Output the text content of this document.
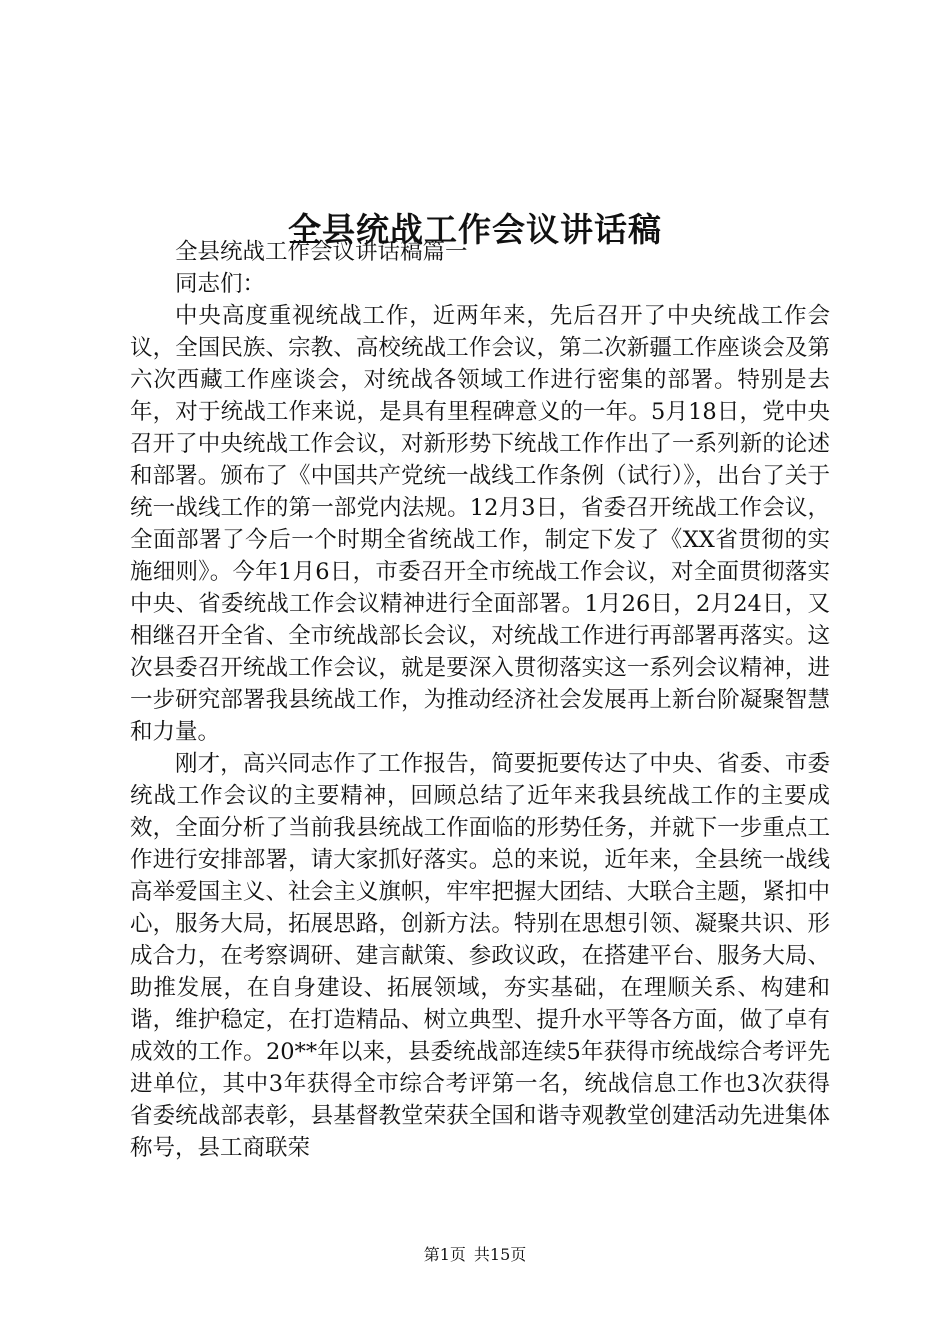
全县统战工作会议讲话稿

全县统战工作会议讲话稿篇一

同志们：

中央高度重视统战工作，近两年来，先后召开了中央统战工作会议，全国民族、宗教、高校统战工作会议，第二次新疆工作座谈会及第六次西藏工作座谈会，对统战各领域工作进行密集的部署。特别是去年，对于统战工作来说，是具有里程碑意义的一年。5月18日，党中央召开了中央统战工作会议，对新形势下统战工作作出了一系列新的论述和部署。颁布了《中国共产党统一战线工作条例（试行）》，出台了关于统一战线工作的第一部党内法规。12月3日，省委召开统战工作会议，全面部署了今后一个时期全省统战工作，制定下发了《XX省贯彻的实施细则》。今年1月6日，市委召开全市统战工作会议，对全面贯彻落实中央、省委统战工作会议精神进行全面部署。1月26日，2月24日，又相继召开全省、全市统战部长会议，对统战工作进行再部署再落实。这次县委召开统战工作会议，就是要深入贯彻落实这一系列会议精神，进一步研究部署我县统战工作，为推动经济社会发展再上新台阶凝聚智慧和力量。

刚才，高兴同志作了工作报告，简要扼要传达了中央、省委、市委统战工作会议的主要精神，回顾总结了近年来我县统战工作的主要成效，全面分析了当前我县统战工作面临的形势任务，并就下一步重点工作进行安排部署，请大家抓好落实。总的来说，近年来，全县统一战线高举爱国主义、社会主义旗帜，牢牢把握大团结、大联合主题，紧扣中心，服务大局，拓展思路，创新方法。特别在思想引领、凝聚共识、形成合力，在考察调研、建言献策、参政议政，在搭建平台、服务大局、助推发展，在自身建设、拓展领域，夯实基础，在理顺关系、构建和谐，维护稳定，在打造精品、树立典型、提升水平等各方面，做了卓有成效的工作。20**年以来，县委统战部连续5年获得市统战综合考评先进单位，其中3年获得全市综合考评第一名，统战信息工作也3次获得省委统战部表彰，县基督教堂荣获全国和谐寺观教堂创建活动先进集体称号，县工商联荣

第1页 共15页
